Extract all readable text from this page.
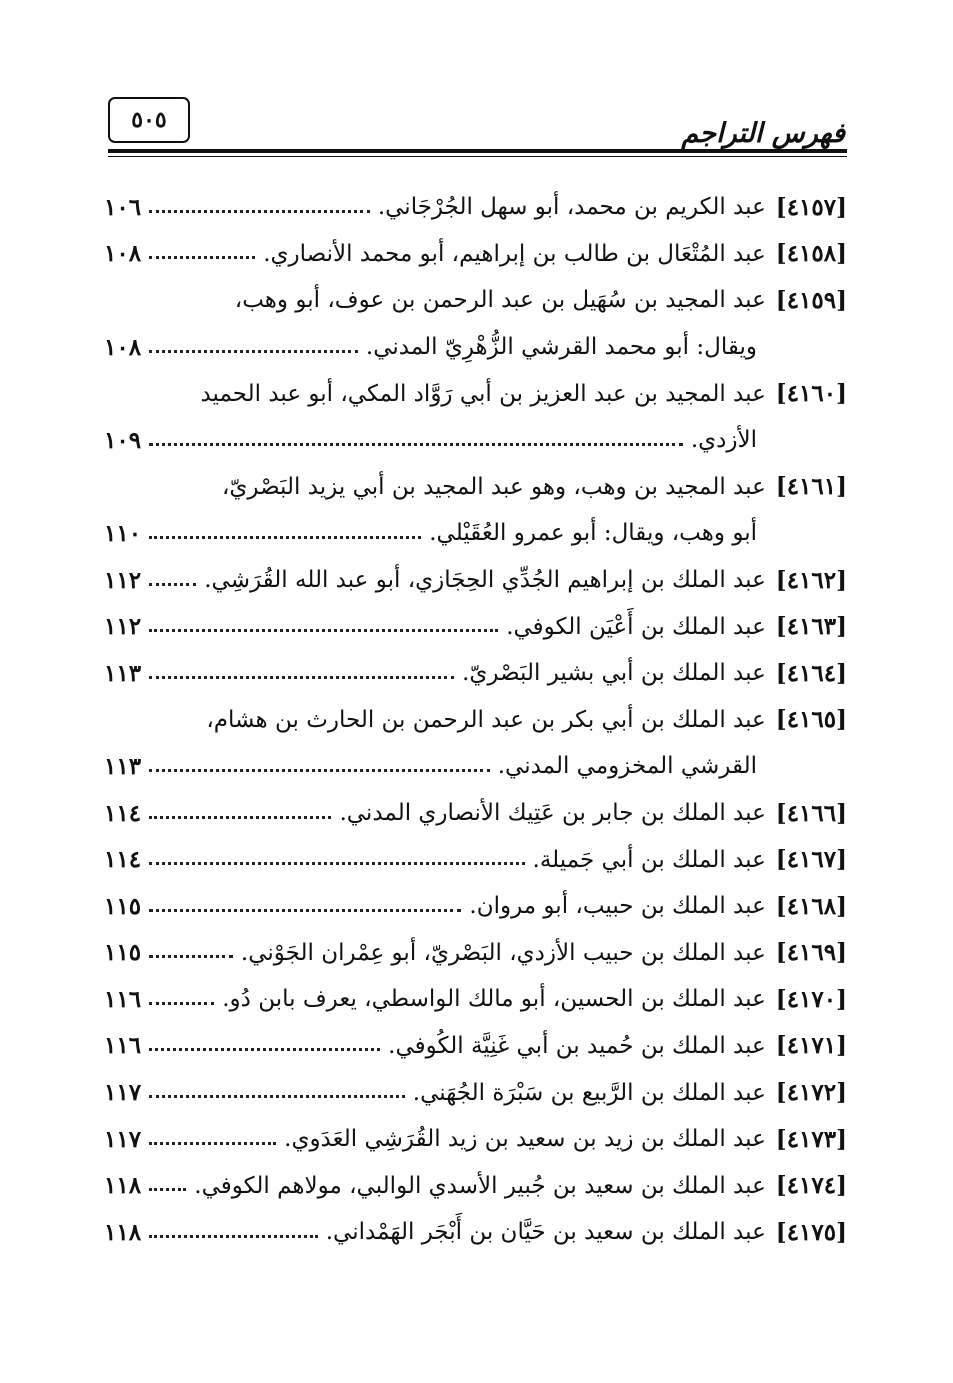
فهرس التراجم
٥٠٥
[٤١٥٧]
عبد الكريم بن محمد، أبو سهل الجُرْجَاني.
١٠٦
[٤١٥٨]
عبد المُتْعَال بن طالب بن إبراهيم، أبو محمد الأنصاري.
١٠٨
[٤١٥٩]
عبد المجيد بن سُهَيل بن عبد الرحمن بن عوف، أبو وهب،
ويقال: أبو محمد القرشي الزُّهْرِيّ المدني.
١٠٨
[٤١٦٠]
عبد المجيد بن عبد العزيز بن أبي رَوَّاد المكي، أبو عبد الحميد
الأزدي.
١٠٩
[٤١٦١]
عبد المجيد بن وهب، وهو عبد المجيد بن أبي يزيد البَصْريّ،
أبو وهب، ويقال: أبو عمرو العُقَيْلي.
١١٠
[٤١٦٢]
عبد الملك بن إبراهيم الجُدِّي الحِجَازي، أبو عبد الله القُرَشِي.
١١٢
[٤١٦٣]
عبد الملك بن أَعْيَن الكوفي.
١١٢
[٤١٦٤]
عبد الملك بن أبي بشير البَصْريّ.
١١٣
[٤١٦٥]
عبد الملك بن أبي بكر بن عبد الرحمن بن الحارث بن هشام،
القرشي المخزومي المدني.
١١٣
[٤١٦٦]
عبد الملك بن جابر بن عَتِيك الأنصاري المدني.
١١٤
[٤١٦٧]
عبد الملك بن أبي جَميلة.
١١٤
[٤١٦٨]
عبد الملك بن حبيب، أبو مروان.
١١٥
[٤١٦٩]
عبد الملك بن حبيب الأزدي، البَصْريّ، أبو عِمْران الجَوْني.
١١٥
[٤١٧٠]
عبد الملك بن الحسين، أبو مالك الواسطي، يعرف بابن دُو.
١١٦
[٤١٧١]
عبد الملك بن حُميد بن أبي غَنِيَّة الكُوفي.
١١٦
[٤١٧٢]
عبد الملك بن الرَّبيع بن سَبْرَة الجُهَني.
١١٧
[٤١٧٣]
عبد الملك بن زيد بن سعيد بن زيد القُرَشِي العَدَوي.
١١٧
[٤١٧٤]
عبد الملك بن سعيد بن جُبير الأسدي الوالبي، مولاهم الكوفي.
١١٨
[٤١٧٥]
عبد الملك بن سعيد بن حَيَّان بن أَبْجَر الهَمْداني.
١١٨
